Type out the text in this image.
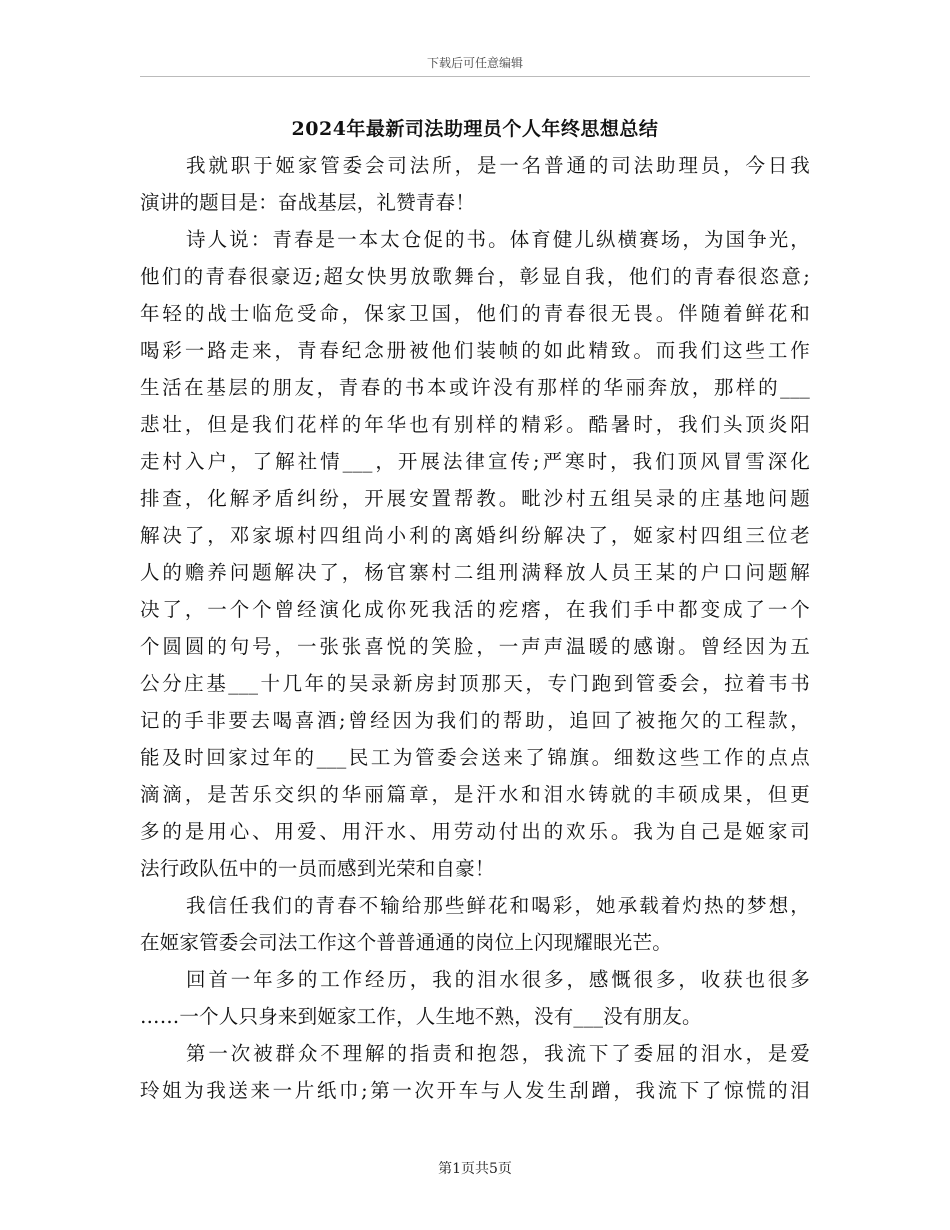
下载后可任意编辑
2024年最新司法助理员个人年终思想总结
我就职于姬家管委会司法所，是一名普通的司法助理员，今日我
演讲的题目是：奋战基层，礼赞青春！
诗人说：青春是一本太仓促的书。体育健儿纵横赛场，为国争光，
他们的青春很豪迈;超女快男放歌舞台，彰显自我，他们的青春很恣意;
年轻的战士临危受命，保家卫国，他们的青春很无畏。伴随着鲜花和
喝彩一路走来，青春纪念册被他们装帧的如此精致。而我们这些工作
生活在基层的朋友，青春的书本或许没有那样的华丽奔放，那样的___
悲壮，但是我们花样的年华也有别样的精彩。酷暑时，我们头顶炎阳
走村入户，了解社情___，开展法律宣传;严寒时，我们顶风冒雪深化
排查，化解矛盾纠纷，开展安置帮教。毗沙村五组吴录的庄基地问题
解决了，邓家塬村四组尚小利的离婚纠纷解决了，姬家村四组三位老
人的赡养问题解决了，杨官寨村二组刑满释放人员王某的户口问题解
决了，一个个曾经演化成你死我活的疙瘩，在我们手中都变成了一个
个圆圆的句号，一张张喜悦的笑脸，一声声温暖的感谢。曾经因为五
公分庄基___十几年的吴录新房封顶那天，专门跑到管委会，拉着韦书
记的手非要去喝喜酒;曾经因为我们的帮助，追回了被拖欠的工程款，
能及时回家过年的___民工为管委会送来了锦旗。细数这些工作的点点
滴滴，是苦乐交织的华丽篇章，是汗水和泪水铸就的丰硕成果，但更
多的是用心、用爱、用汗水、用劳动付出的欢乐。我为自己是姬家司
法行政队伍中的一员而感到光荣和自豪！
我信任我们的青春不输给那些鲜花和喝彩，她承载着灼热的梦想，
在姬家管委会司法工作这个普普通通的岗位上闪现耀眼光芒。
回首一年多的工作经历，我的泪水很多，感慨很多，收获也很多
……一个人只身来到姬家工作，人生地不熟，没有___没有朋友。
第一次被群众不理解的指责和抱怨，我流下了委屈的泪水，是爱
玲姐为我送来一片纸巾;第一次开车与人发生刮蹭，我流下了惊慌的泪
第1页共5页
